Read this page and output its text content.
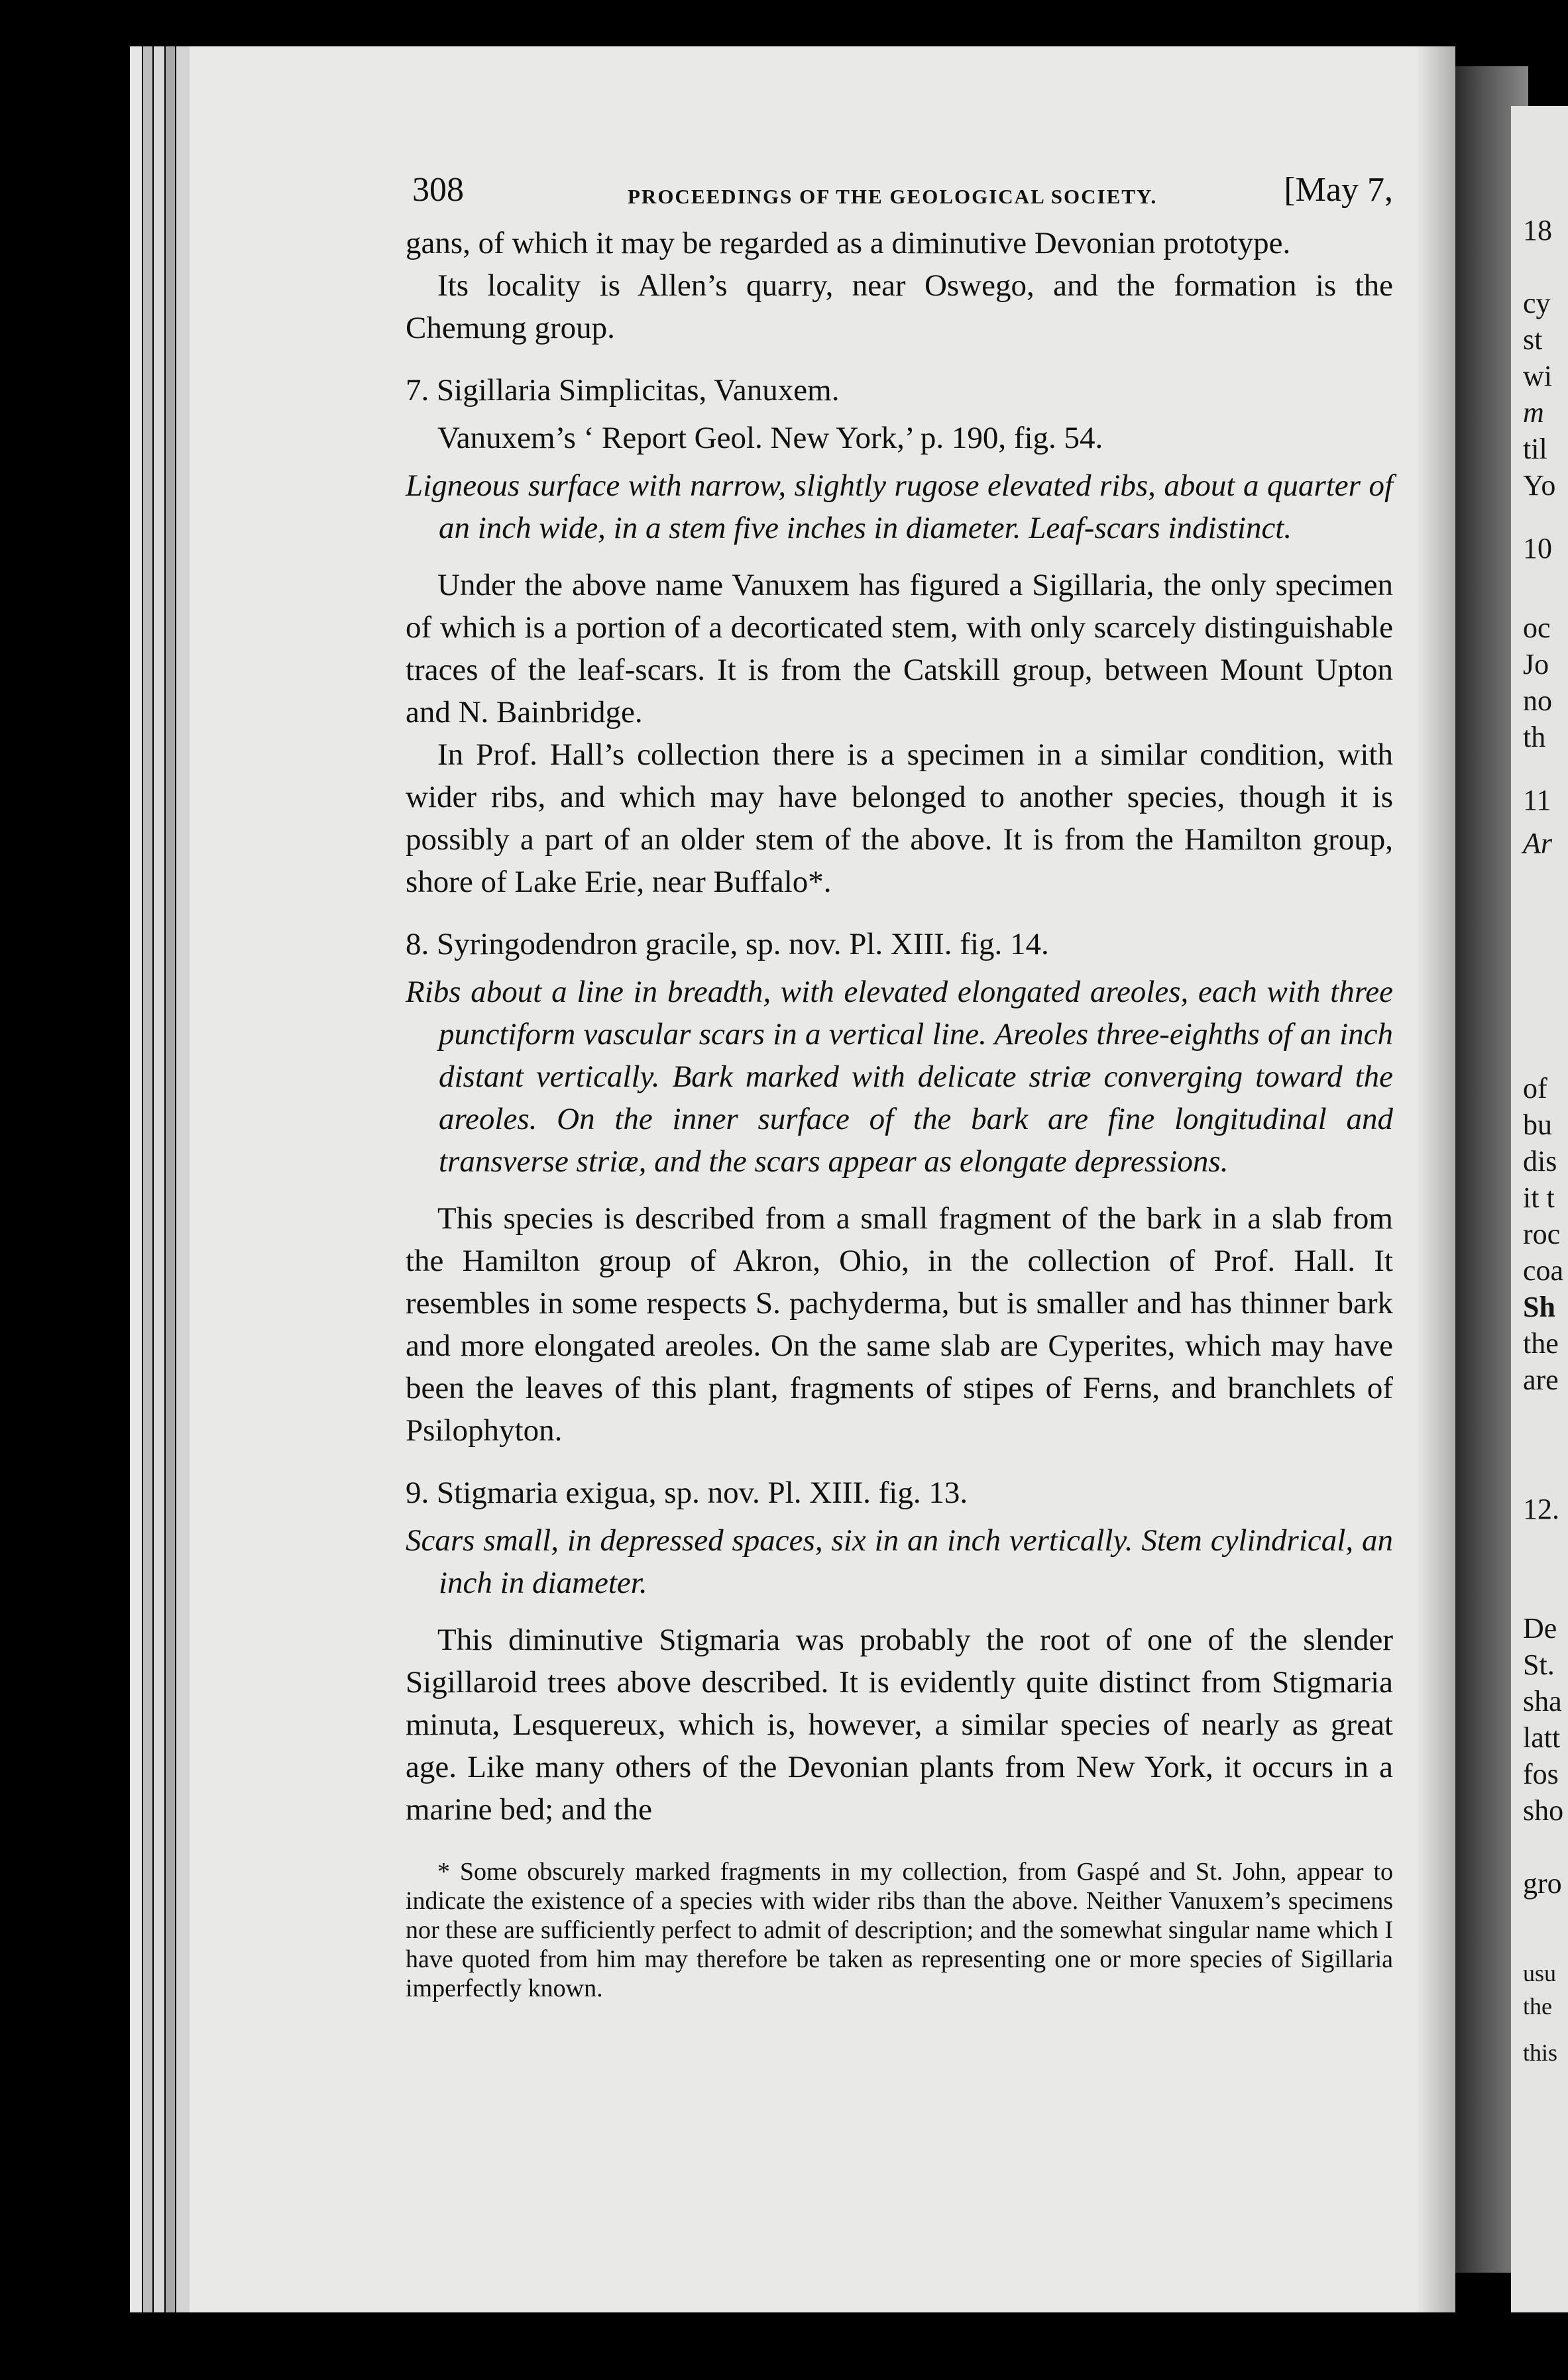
18
cy
st
wi
m
til
Yo
10
oc
Jo
no
th
11
Ar
of
bu
dis
it t
roc
coa
Sh
the
are
12.
De
St.
sha
latt
fos
sho
gro
usu
the
this
308	PROCEEDINGS OF THE GEOLOGICAL SOCIETY.	[May 7,

gans, of which it may be regarded as a diminutive Devonian prototype.

Its locality is Allen’s quarry, near Oswego, and the formation is the Chemung group.

7. Sigillaria Simplicitas, Vanuxem.

Vanuxem’s ‘ Report Geol. New York,’ p. 190, fig. 54.

Ligneous surface with narrow, slightly rugose elevated ribs, about a quarter of an inch wide, in a stem five inches in diameter. Leaf-scars indistinct.

Under the above name Vanuxem has figured a Sigillaria, the only specimen of which is a portion of a decorticated stem, with only scarcely distinguishable traces of the leaf-scars. It is from the Catskill group, between Mount Upton and N. Bainbridge.

In Prof. Hall’s collection there is a specimen in a similar condition, with wider ribs, and which may have belonged to another species, though it is possibly a part of an older stem of the above. It is from the Hamilton group, shore of Lake Erie, near Buffalo*.

8. Syringodendron gracile, sp. nov. Pl. XIII. fig. 14.

Ribs about a line in breadth, with elevated elongated areoles, each with three punctiform vascular scars in a vertical line. Areoles three-eighths of an inch distant vertically. Bark marked with delicate striæ converging toward the areoles. On the inner surface of the bark are fine longitudinal and transverse striæ, and the scars appear as elongate depressions.

This species is described from a small fragment of the bark in a slab from the Hamilton group of Akron, Ohio, in the collection of Prof. Hall. It resembles in some respects S. pachyderma, but is smaller and has thinner bark and more elongated areoles. On the same slab are Cyperites, which may have been the leaves of this plant, fragments of stipes of Ferns, and branchlets of Psilophyton.

9. Stigmaria exigua, sp. nov. Pl. XIII. fig. 13.

Scars small, in depressed spaces, six in an inch vertically. Stem cylindrical, an inch in diameter.

This diminutive Stigmaria was probably the root of one of the slender Sigillaroid trees above described. It is evidently quite distinct from Stigmaria minuta, Lesquereux, which is, however, a similar species of nearly as great age. Like many others of the Devonian plants from New York, it occurs in a marine bed; and the

* Some obscurely marked fragments in my collection, from Gaspé and St. John, appear to indicate the existence of a species with wider ribs than the above. Neither Vanuxem’s specimens nor these are sufficiently perfect to admit of description; and the somewhat singular name which I have quoted from him may therefore be taken as representing one or more species of Sigillaria imperfectly known.
